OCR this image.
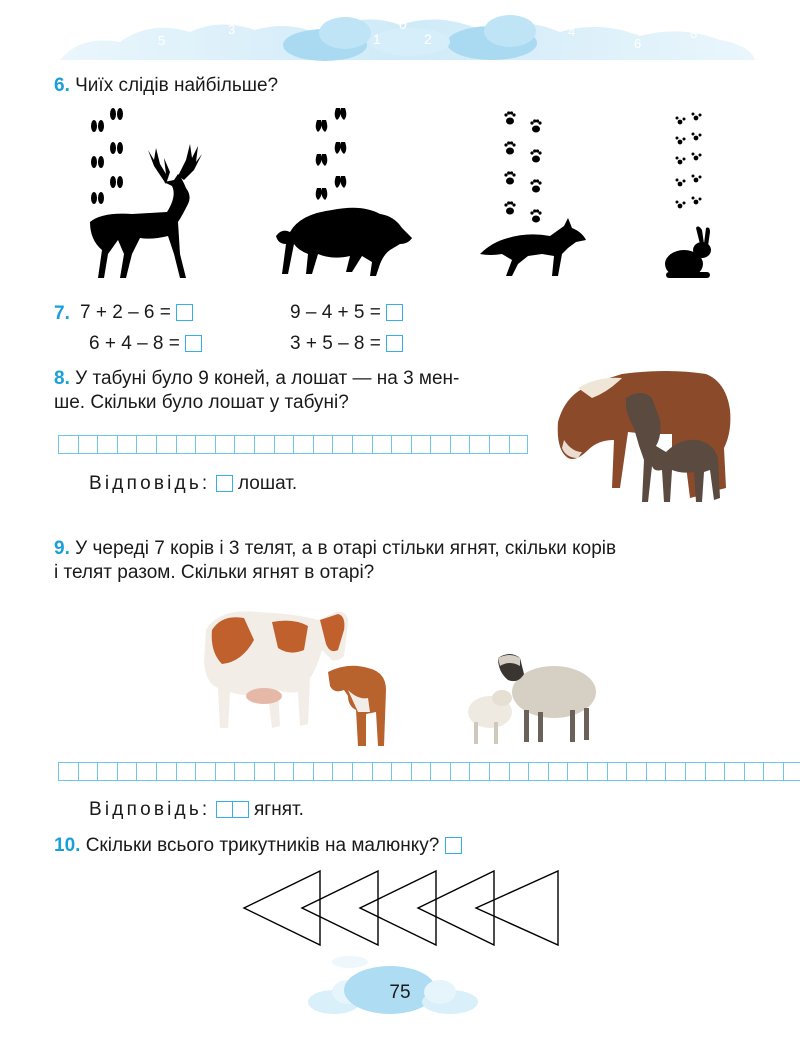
7
5
3
1
0
2	4
6
8
6. Чиїх слідів найбільше?
7. 7 + 2 – 6 =	9 – 4 + 5 =
6 + 4 – 8 =	3 + 5 – 8 =
8. У табуні було 9 коней, а лошат — на 3 мен-
ше. Скільки було лошат у табуні?
Відповідь: лошат.
9. У череді 7 корів і 3 телят, а в отарі стільки ягнят, скільки корів
і телят разом. Скільки ягнят в отарі?
Відповідь: ягнят.
10. Скільки всього трикутників на малюнку?
75
